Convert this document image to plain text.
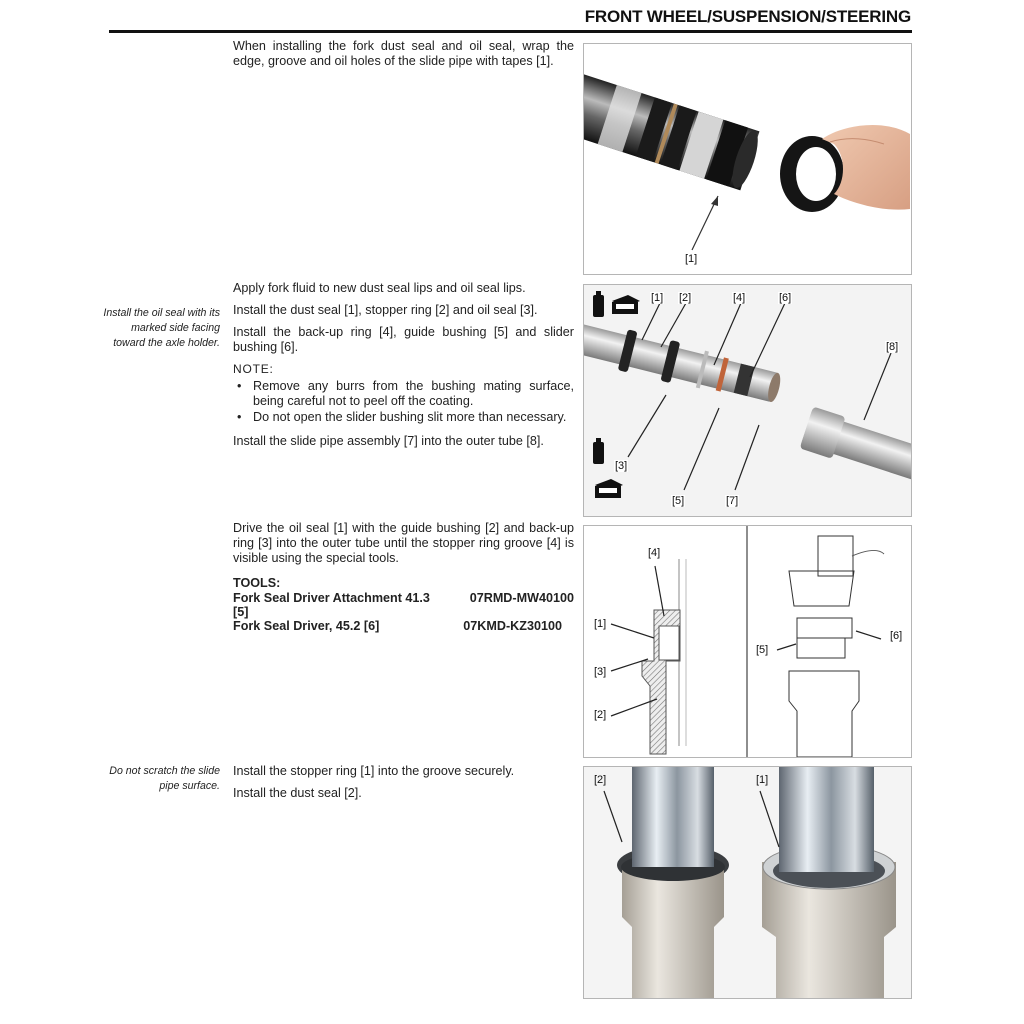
FRONT WHEEL/SUSPENSION/STEERING

When installing the fork dust seal and oil seal, wrap the edge, groove and oil holes of the slide pipe with tapes [1].

[1]
Install the oil seal with its marked side facing toward the axle holder.

Apply fork fluid to new dust seal lips and oil seal lips.

Install the dust seal [1], stopper ring [2] and oil seal [3].

Install the back-up ring [4], guide bushing [5] and slider bushing [6].

NOTE:
• Remove any burrs from the bushing mating surface, being careful not to peel off the coating.
• Do not open the slider bushing slit more than necessary.

Install the slide pipe assembly [7] into the outer tube [8].

[1] [2]	[4]	[6]
[8]
[3]
[5]	[7]

Drive the oil seal [1] with the guide bushing [2] and back-up ring [3] into the outer tube until the stopper ring groove [4] is visible using the special tools.

TOOLS:
Fork Seal Driver Attachment 41.3	07RMD-MW40100
[5]
Fork Seal Driver, 45.2 [6]	07KMD-KZ30100
[4]
[1]
[3]
[2]
[6]
[5]
Do not scratch the slide pipe surface.

Install the stopper ring [1] into the groove securely.

Install the dust seal [2].

[2]	[1]
